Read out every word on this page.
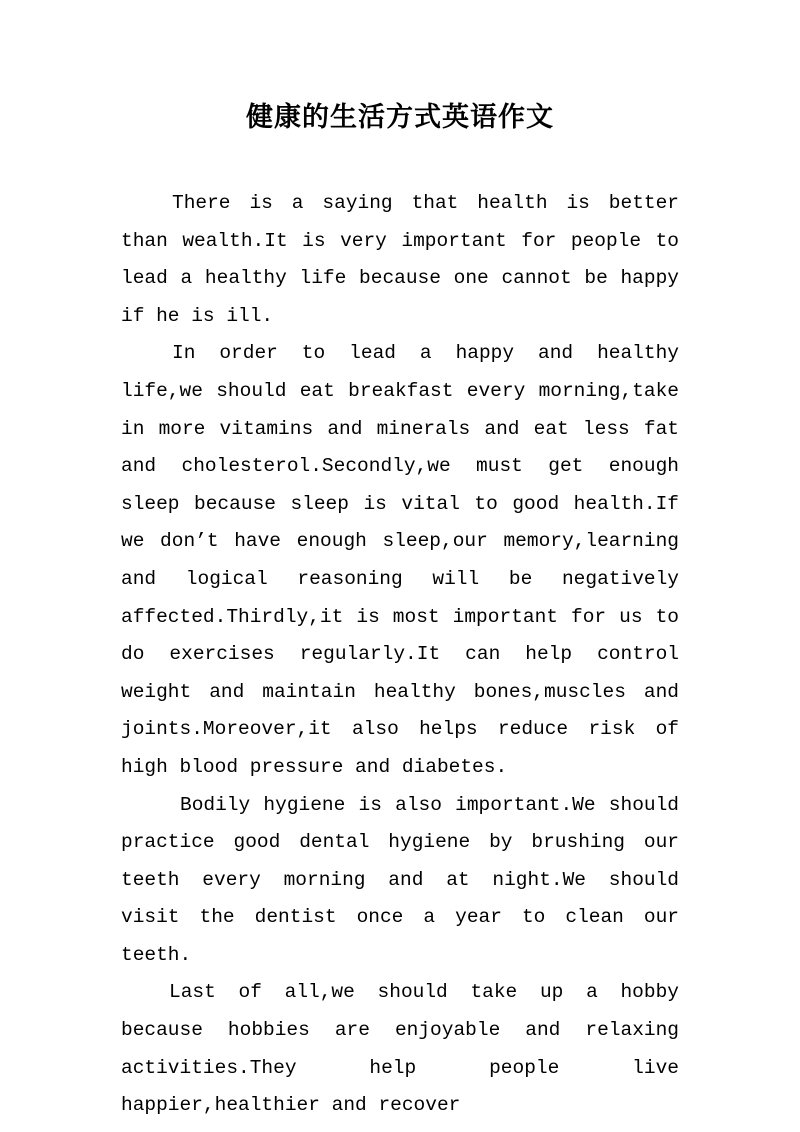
健康的生活方式英语作文

There is a saying that health is better than wealth.It is very important for people to lead a healthy life because one cannot be happy if he is ill.

In order to lead a happy and healthy life,we should eat breakfast every morning,take in more vitamins and minerals and eat less fat and cholesterol.Secondly,we must get enough sleep because sleep is vital to good health.If we don’t have enough sleep,our memory,learning and logical reasoning will be negatively affected.Thirdly,it is most important for us to do exercises regularly.It can help control weight and maintain healthy bones,muscles and joints.Moreover,it also helps reduce risk of high blood pressure and diabetes.

Bodily hygiene is also important.We should practice good dental hygiene by brushing our teeth every morning and at night.We should visit the dentist once a year to clean our teeth.

Last of all,we should take up a hobby because hobbies are enjoyable and relaxing activities.They help people live happier,healthier and recover
